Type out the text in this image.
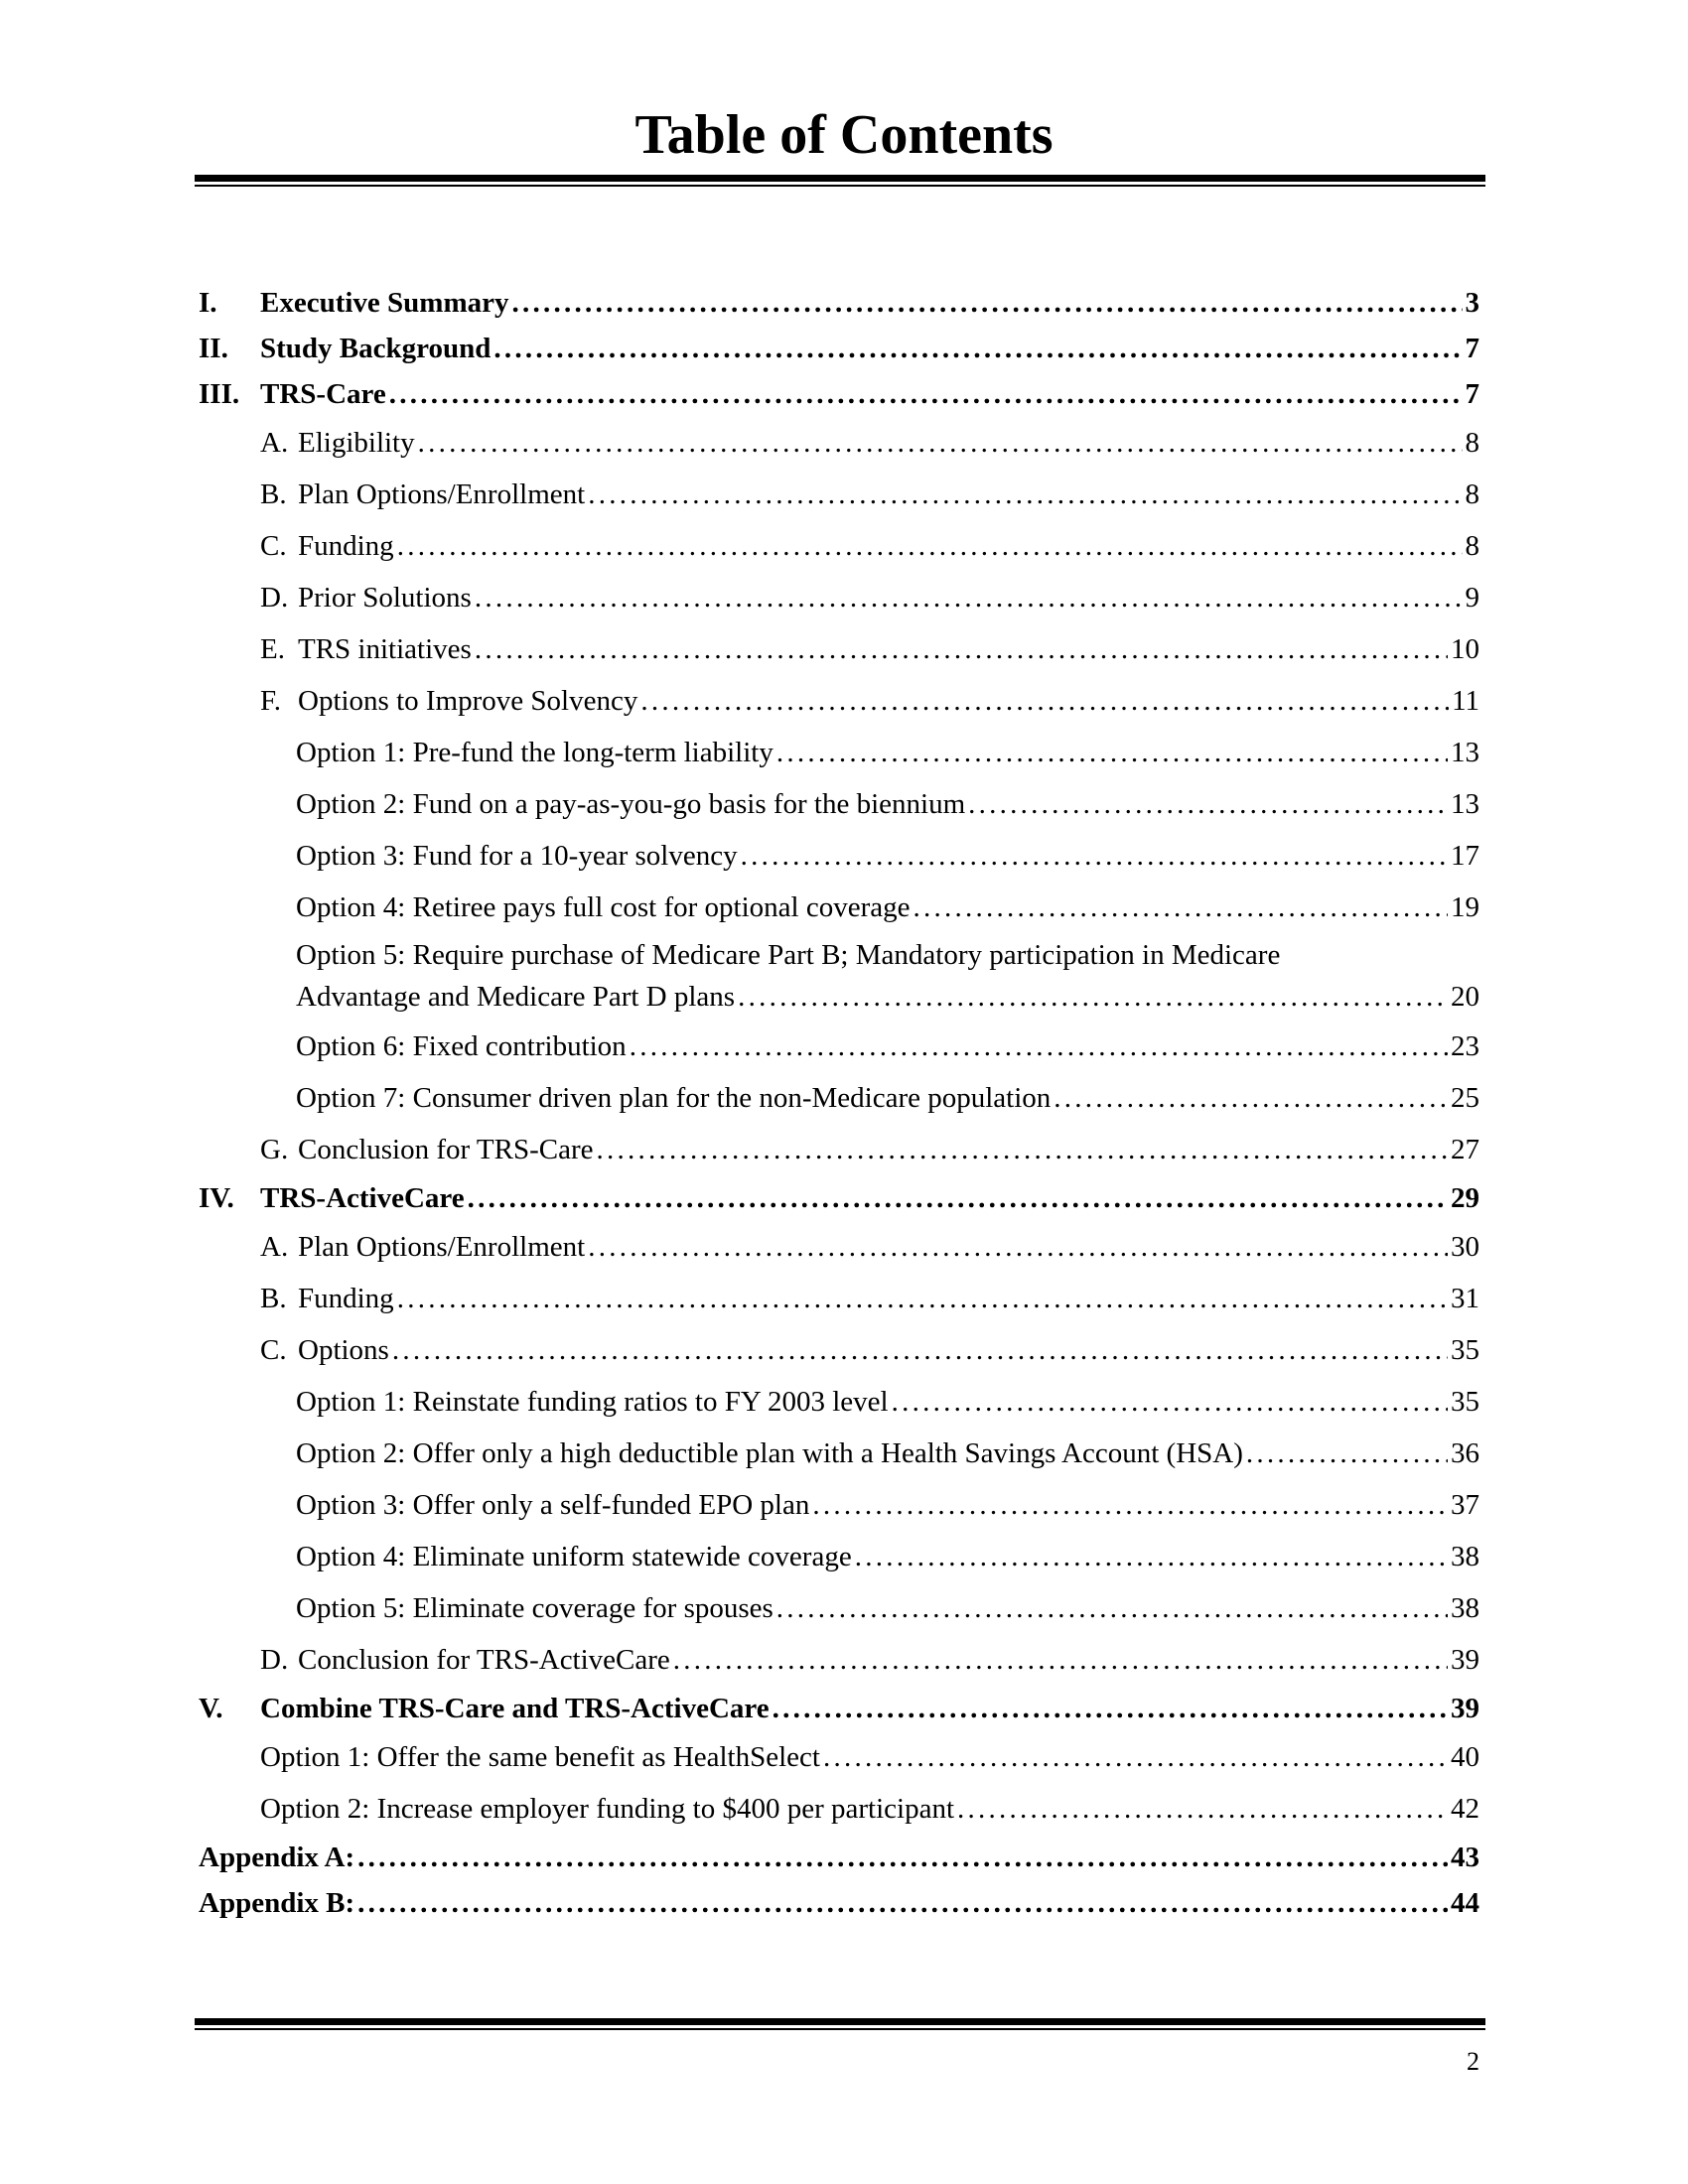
Table of Contents
I.	Executive Summary . . .	3
II.	Study Background . . .	7
III. TRS-Care . . .	7
A. Eligibility . . .	8
B. Plan Options/Enrollment . . .	8
C. Funding . . .	8
D. Prior Solutions . . .	9
E. TRS initiatives . . .	10
F. Options to Improve Solvency . . .	11
Option 1: Pre-fund the long-term liability . . .	13
Option 2: Fund on a pay-as-you-go basis for the biennium . . .	13
Option 3: Fund for a 10-year solvency . . .	17
Option 4: Retiree pays full cost for optional coverage . . .	19
Option 5: Require purchase of Medicare Part B; Mandatory participation in Medicare
Advantage and Medicare Part D plans . . .	20
Option 6: Fixed contribution . . .	23
Option 7: Consumer driven plan for the non-Medicare population . . .	25
G. Conclusion for TRS-Care . . .	27
IV. TRS-ActiveCare . . .	29
A. Plan Options/Enrollment . . .	30
B. Funding . . .	31
C. Options . . .	35
Option 1: Reinstate funding ratios to FY 2003 level . . .	35
Option 2: Offer only a high deductible plan with a Health Savings Account (HSA) . . .	36
Option 3: Offer only a self-funded EPO plan . . .	37
Option 4: Eliminate uniform statewide coverage . . .	38
Option 5: Eliminate coverage for spouses . . .	38
D. Conclusion for TRS-ActiveCare . . .	39
V.	Combine TRS-Care and TRS-ActiveCare . . .	39
Option 1: Offer the same benefit as HealthSelect . . .	40
Option 2: Increase employer funding to $400 per participant . . .	42
Appendix A: . . .	43
Appendix B: . . .	44
2
